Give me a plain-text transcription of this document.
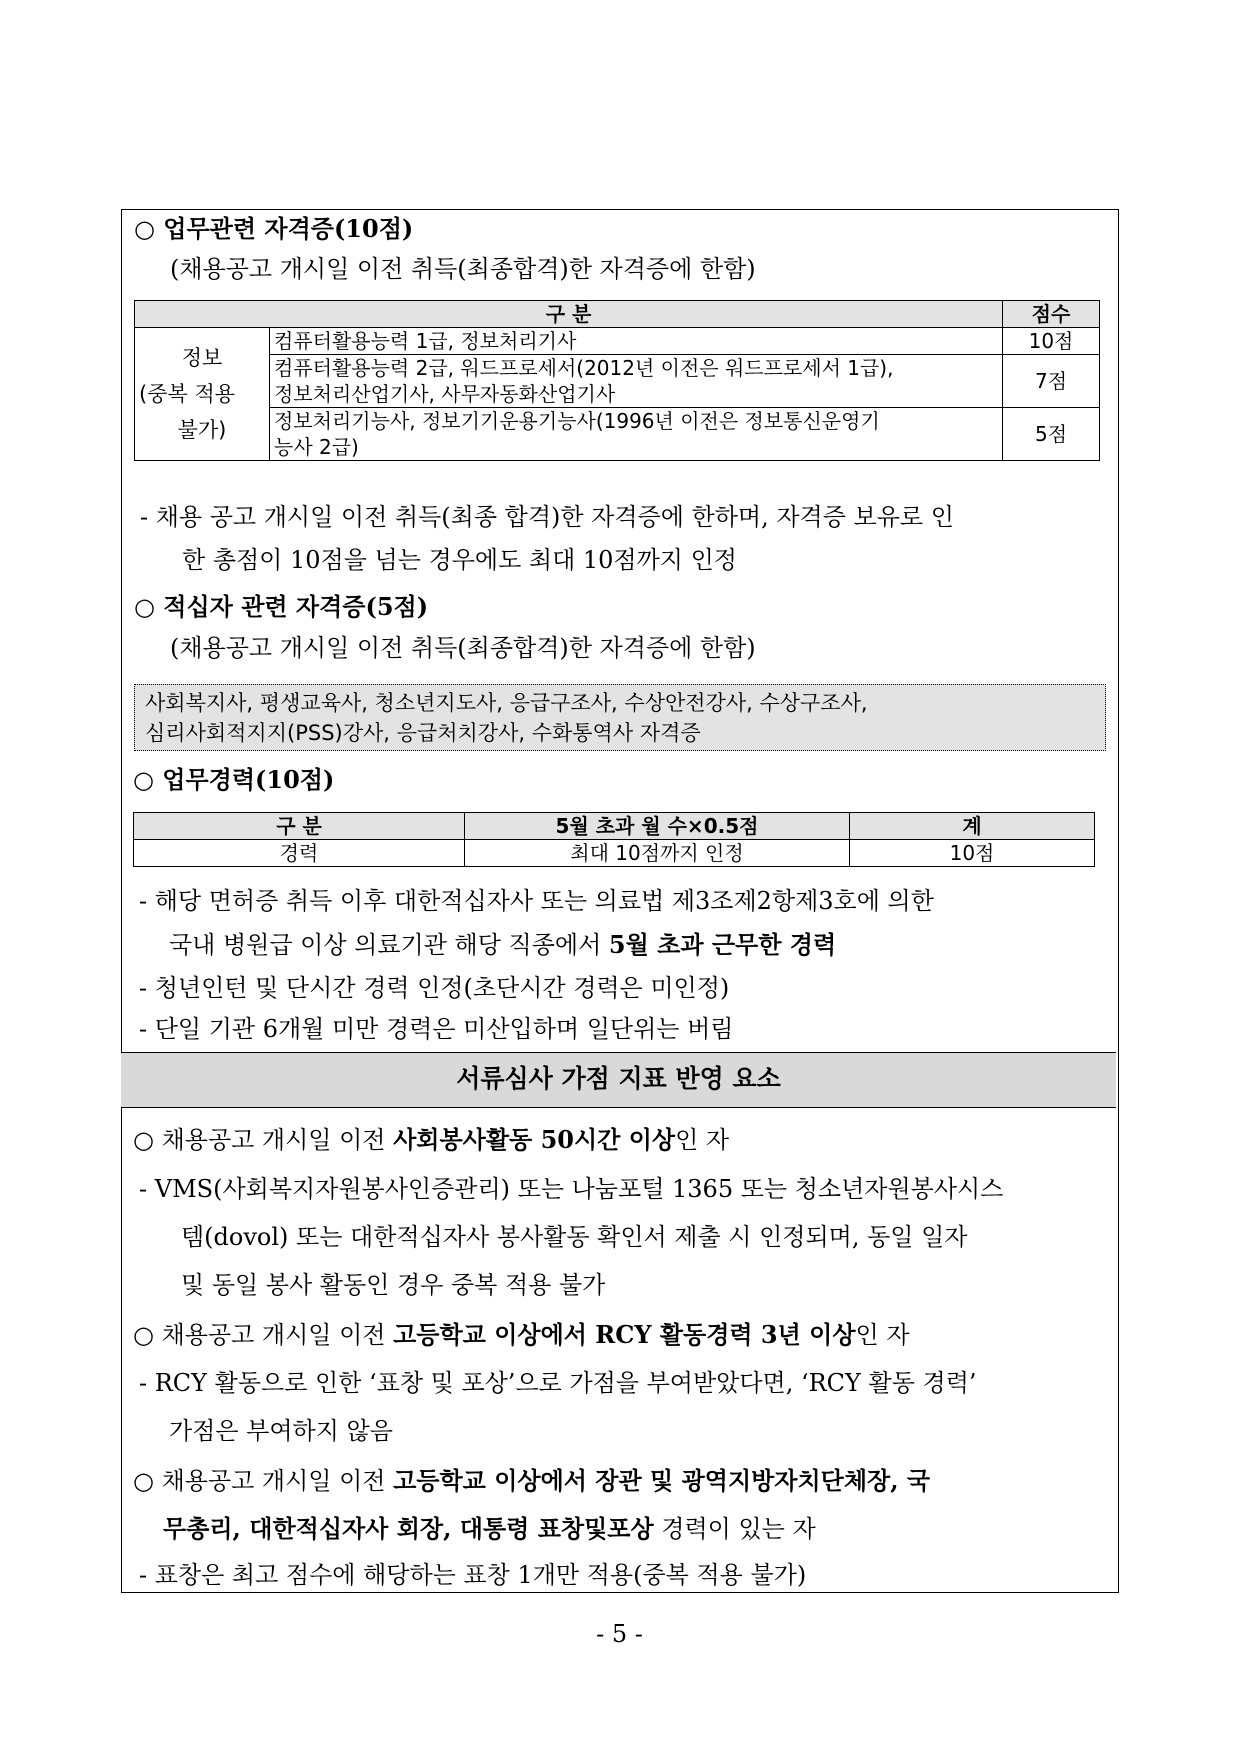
○ 업무관련 자격증(10점)
(채용공고 개시일 이전 취득(최종합격)한 자격증에 한함)
구 분		점수

정보
(중복 적용
불가)	컴퓨터활용능력 1급, 정보처리기사	10점

	컴퓨터활용능력 2급, 워드프로세서(2012년 이전은 워드프로세서 1급),
정보처리산업기사, 사무자동화산업기사	7점

	정보처리기능사, 정보기기운용기능사(1996년 이전은 정보통신운영기
능사 2급)	5점
- 채용 공고 개시일 이전 취득(최종 합격)한 자격증에 한하며, 자격증 보유로 인
한 총점이 10점을 넘는 경우에도 최대 10점까지 인정
○ 적십자 관련 자격증(5점)
(채용공고 개시일 이전 취득(최종합격)한 자격증에 한함)
사회복지사, 평생교육사, 청소년지도사, 응급구조사, 수상안전강사, 수상구조사,
심리사회적지지(PSS)강사, 응급처치강사, 수화통역사 자격증
○ 업무경력(10점)
구 분	5월 초과 월 수×0.5점	계
경력	최대 10점까지 인정	10점
- 해당 면허증 취득 이후 대한적십자사 또는 의료법 제3조제2항제3호에 의한
국내 병원급 이상 의료기관 해당 직종에서 5월 초과 근무한 경력
- 청년인턴 및 단시간 경력 인정(초단시간 경력은 미인정)
- 단일 기관 6개월 미만 경력은 미산입하며 일단위는 버림
서류심사 가점 지표 반영 요소
○ 채용공고 개시일 이전 사회봉사활동 50시간 이상인 자
- VMS(사회복지자원봉사인증관리) 또는 나눔포털 1365 또는 청소년자원봉사시스
템(dovol) 또는 대한적십자사 봉사활동 확인서 제출 시 인정되며, 동일 일자
및 동일 봉사 활동인 경우 중복 적용 불가
○ 채용공고 개시일 이전 고등학교 이상에서 RCY 활동경력 3년 이상인 자
- RCY 활동으로 인한 ‘표창 및 포상’으로 가점을 부여받았다면, ‘RCY 활동 경력’
가점은 부여하지 않음
○ 채용공고 개시일 이전 고등학교 이상에서 장관 및 광역지방자치단체장, 국
무총리, 대한적십자사 회장, 대통령 표창및포상 경력이 있는 자
- 표창은 최고 점수에 해당하는 표창 1개만 적용(중복 적용 불가)
- 5 -
